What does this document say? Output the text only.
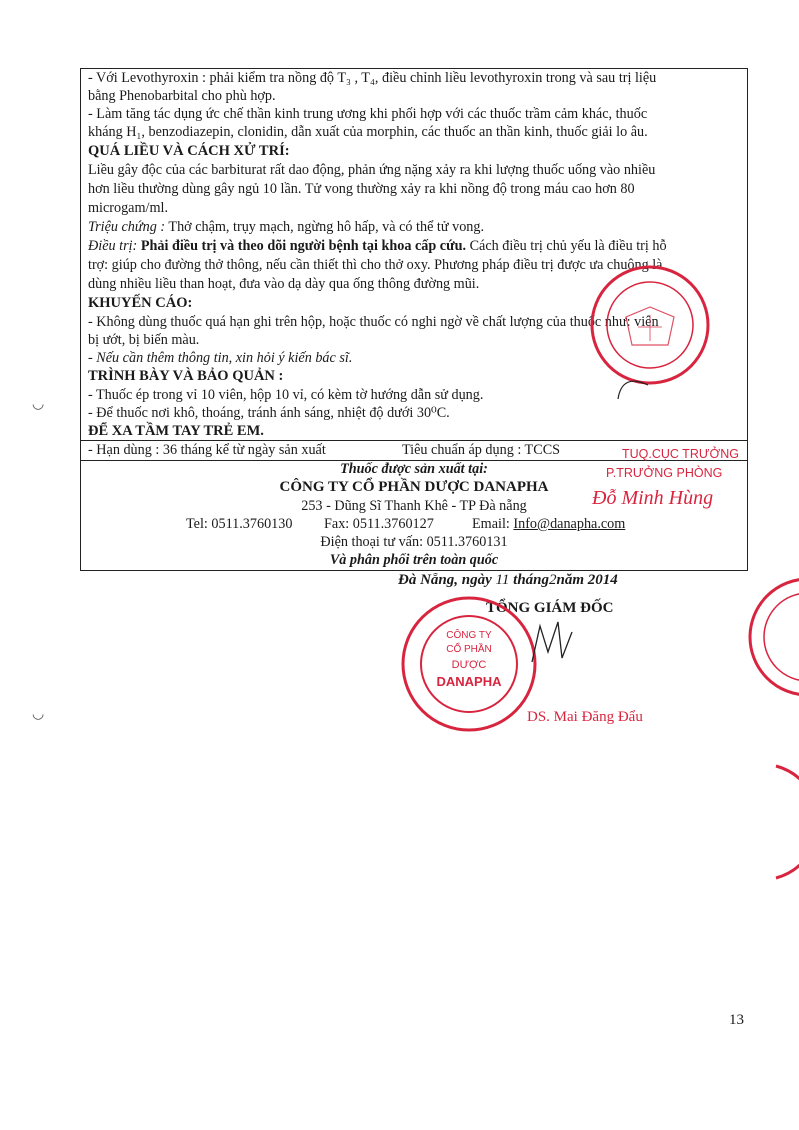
- Với Levothyroxin : phải kiểm tra nồng độ T₃ , T₄, điều chỉnh liều levothyroxin trong và sau trị liệu
bằng Phenobarbital cho phù hợp.
- Làm tăng tác dụng ức chế thần kinh trung ương khi phối hợp với các thuốc trầm cảm khác, thuốc
kháng H₁, benzodiazepin, clonidin, dẫn xuất của morphin, các thuốc an thần kinh, thuốc giải lo âu.
QUÁ LIỀU VÀ CÁCH XỬ TRÍ:
Liều gây độc của các barbiturat rất dao động, phản ứng nặng xảy ra khi lượng thuốc uống vào nhiều
hơn liều thường dùng gây ngủ 10 lần. Tử vong thường xảy ra khi nồng độ trong máu cao hơn 80
microgam/ml.
Triệu chứng : Thở chậm, trụy mạch, ngừng hô hấp, và có thể tử vong.
Điều trị: Phải điều trị và theo dõi người bệnh tại khoa cấp cứu. Cách điều trị chủ yếu là điều trị hỗ
trợ: giúp cho đường thở thông, nếu cần thiết thì cho thở oxy. Phương pháp điều trị được ưa chuộng là
dùng nhiều liều than hoạt, đưa vào dạ dày qua ống thông đường mũi.
KHUYẾN CÁO:
- Không dùng thuốc quá hạn ghi trên hộp, hoặc thuốc có nghi ngờ về chất lượng của thuốc như: viên
bị ướt, bị biến màu.
- Nếu cần thêm thông tin, xin hỏi ý kiến bác sĩ.
TRÌNH BÀY VÀ BẢO QUẢN :
- Thuốc ép trong vỉ 10 viên, hộp 10 vỉ, có kèm tờ hướng dẫn sử dụng.
- Để thuốc nơi khô, thoáng, tránh ánh sáng, nhiệt độ dưới 30⁰C.
ĐỂ XA TẦM TAY TRẺ EM.
- Hạn dùng : 36 tháng kể từ ngày sản xuất	Tiêu chuẩn áp dụng : TCCS
Thuốc được sản xuất tại:
CÔNG TY CỔ PHẦN DƯỢC DANAPHA
253 - Dũng Sĩ Thanh Khê - TP Đà nẵng
Tel: 0511.3760130 Fax: 0511.3760127	Email: Info@danapha.com
Điện thoại tư vấn: 0511.3760131
Và phân phối trên toàn quốc
TUQ.CỤC TRƯỞNG
P.TRƯỞNG PHÒNG
Đỗ Minh Hùng
Đà Nẵng, ngày 11 tháng2năm 2014
TỔNG GIÁM ĐỐC
DS. Mai Đăng Đẩu
CÔNG TY
CỔ PHẦN
DƯỢC
DANAPHA
◡
◡
13
